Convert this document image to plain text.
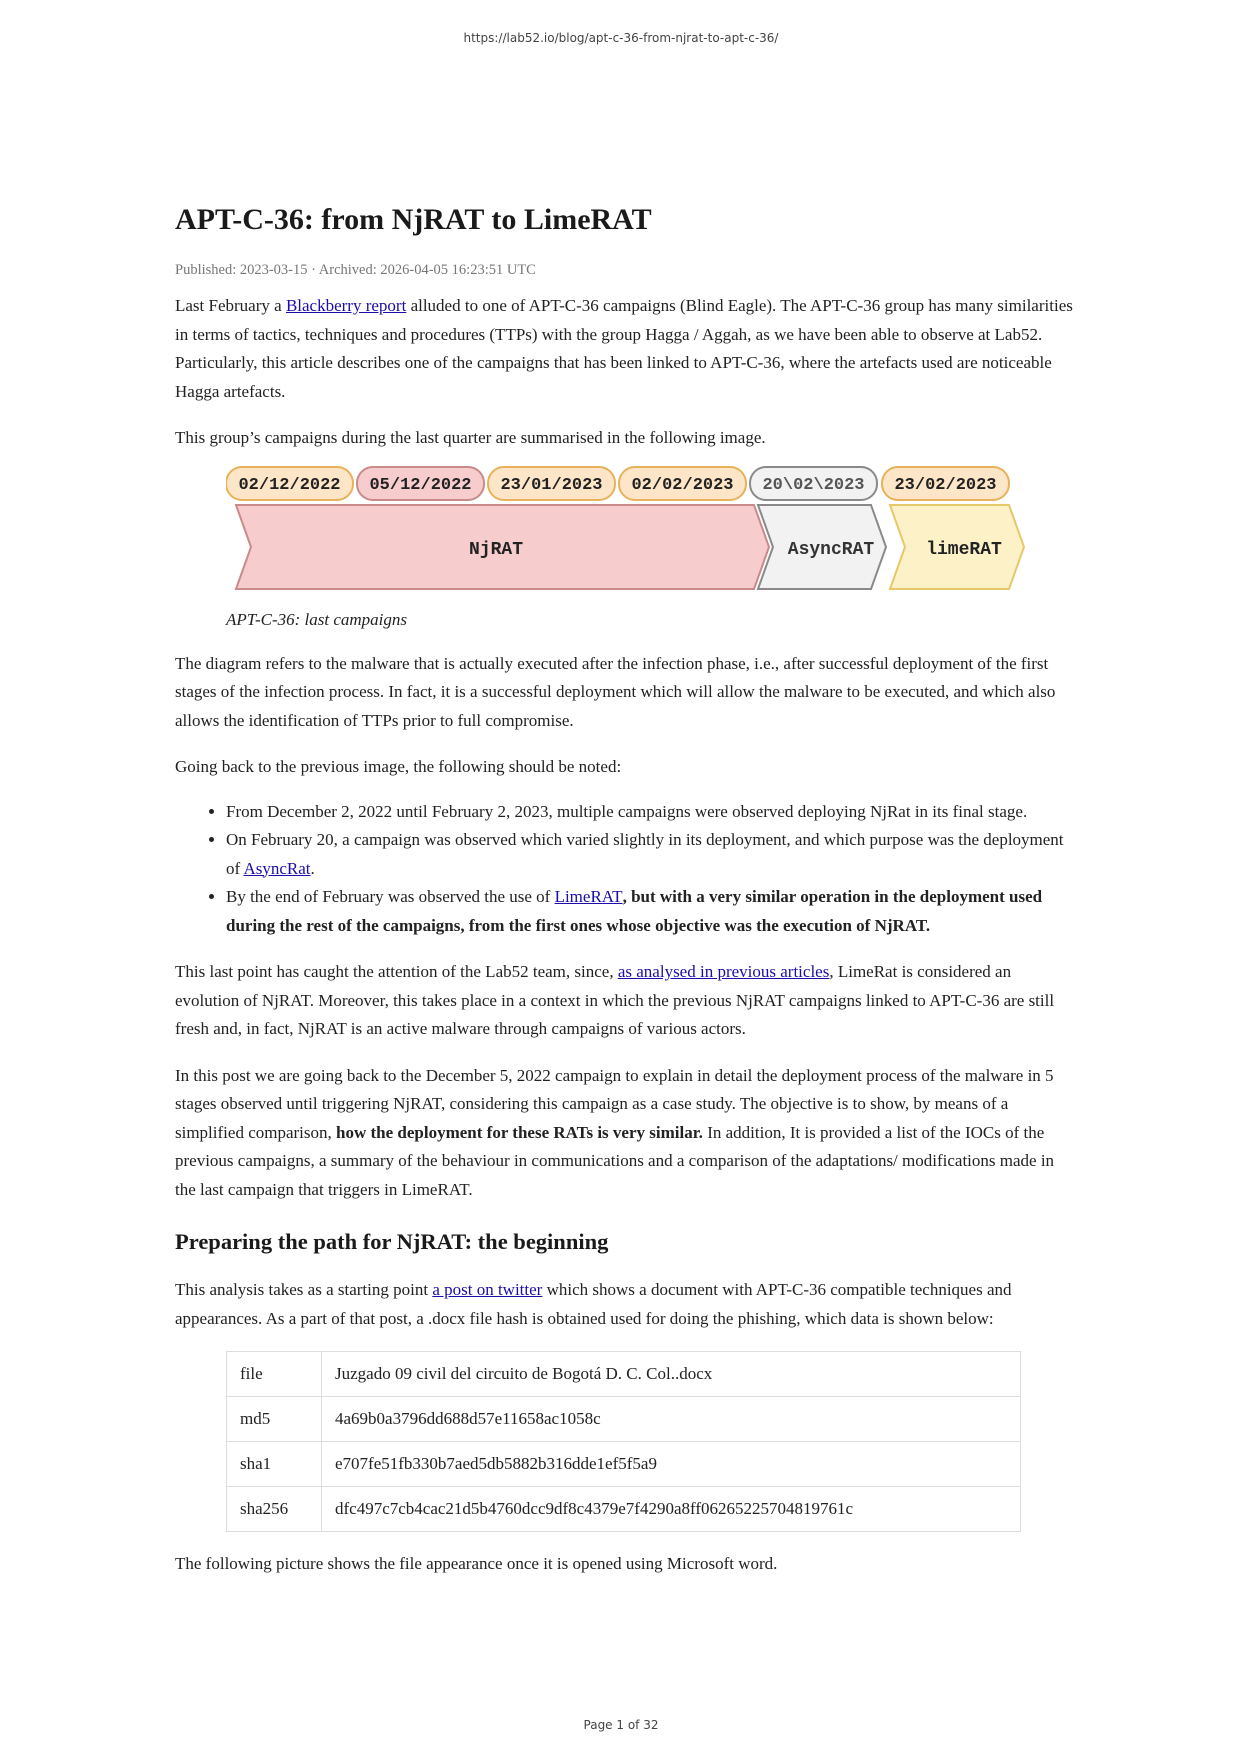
https://lab52.io/blog/apt-c-36-from-njrat-to-apt-c-36/
APT-C-36: from NjRAT to LimeRAT
Published: 2023-03-15 · Archived: 2026-04-05 16:23:51 UTC

Last February a Blackberry report alluded to one of APT-C-36 campaigns (Blind Eagle). The APT-C-36 group has many similarities in terms of tactics, techniques and procedures (TTPs) with the group Hagga / Aggah, as we have been able to observe at Lab52. Particularly, this article describes one of the campaigns that has been linked to APT-C-36, where the artefacts used are noticeable Hagga artefacts.

This group’s campaigns during the last quarter are summarised in the following image.

02/12/2022 05/12/2022 23/01/2023 02/02/2023 20\02\2023 23/02/2023
NjRAT	AsyncRAT	limeRAT
APT-C-36: last campaigns

The diagram refers to the malware that is actually executed after the infection phase, i.e., after successful deployment of the first stages of the infection process. In fact, it is a successful deployment which will allow the malware to be executed, and which also allows the identification of TTPs prior to full compromise.

Going back to the previous image, the following should be noted:

• From December 2, 2022 until February 2, 2023, multiple campaigns were observed deploying NjRat in its final stage.
• On February 20, a campaign was observed which varied slightly in its deployment, and which purpose was the deployment of AsyncRat.
• By the end of February was observed the use of LimeRAT, but with a very similar operation in the deployment used during the rest of the campaigns, from the first ones whose objective was the execution of NjRAT.

This last point has caught the attention of the Lab52 team, since, as analysed in previous articles, LimeRat is considered an evolution of NjRAT. Moreover, this takes place in a context in which the previous NjRAT campaigns linked to APT-C-36 are still fresh and, in fact, NjRAT is an active malware through campaigns of various actors.

In this post we are going back to the December 5, 2022 campaign to explain in detail the deployment process of the malware in 5 stages observed until triggering NjRAT, considering this campaign as a case study. The objective is to show, by means of a simplified comparison, how the deployment for these RATs is very similar. In addition, It is provided a list of the IOCs of the previous campaigns, a summary of the behaviour in communications and a comparison of the adaptations/ modifications made in the last campaign that triggers in LimeRAT.

Preparing the path for NjRAT: the beginning

This analysis takes as a starting point a post on twitter which shows a document with APT-C-36 compatible techniques and appearances. As a part of that post, a .docx file hash is obtained used for doing the phishing, which data is shown below:

file	Juzgado 09 civil del circuito de Bogotá D. C. Col..docx
md5	4a69b0a3796dd688d57e11658ac1058c
sha1	e707fe51fb330b7aed5db5882b316dde1ef5f5a9
sha256	dfc497c7cb4cac21d5b4760dcc9df8c4379e7f4290a8ff06265225704819761c

The following picture shows the file appearance once it is opened using Microsoft word.

Page 1 of 32
